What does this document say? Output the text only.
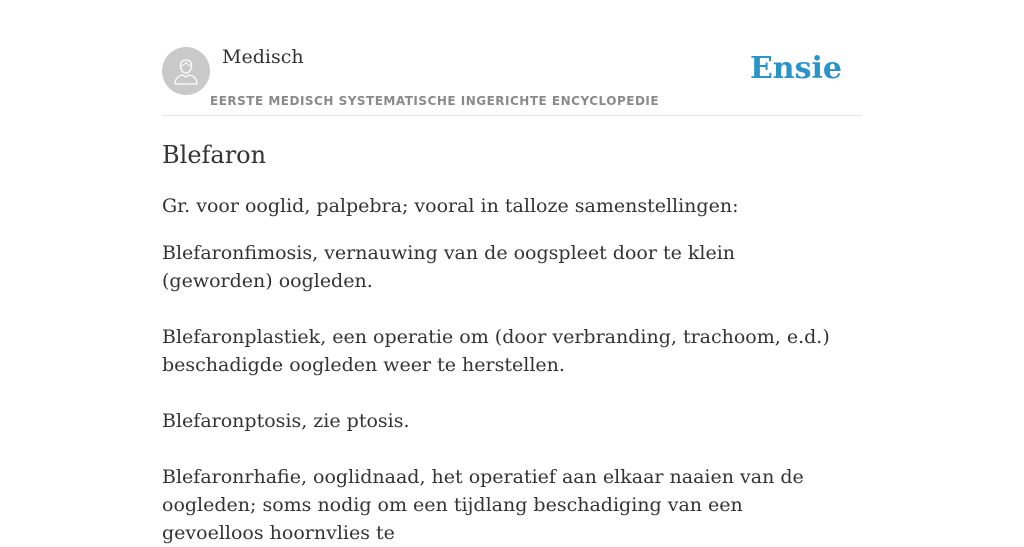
Medisch
EERSTE MEDISCH SYSTEMATISCHE INGERICHTE ENCYCLOPEDIE
Ensie
Blefaron

Gr. voor ooglid, palpebra; vooral in talloze samenstellingen:

Blefaronfimosis, vernauwing van de oogspleet door te klein (geworden) oogleden.

Blefaronplastiek, een operatie om (door verbranding, trachoom, e.d.) beschadigde oogleden weer te herstellen.

Blefaronptosis, zie ptosis.

Blefaronrhafie, ooglidnaad, het operatief aan elkaar naaien van de oogleden; soms nodig om een tijdlang beschadiging van een gevoelloos hoornvlies te
